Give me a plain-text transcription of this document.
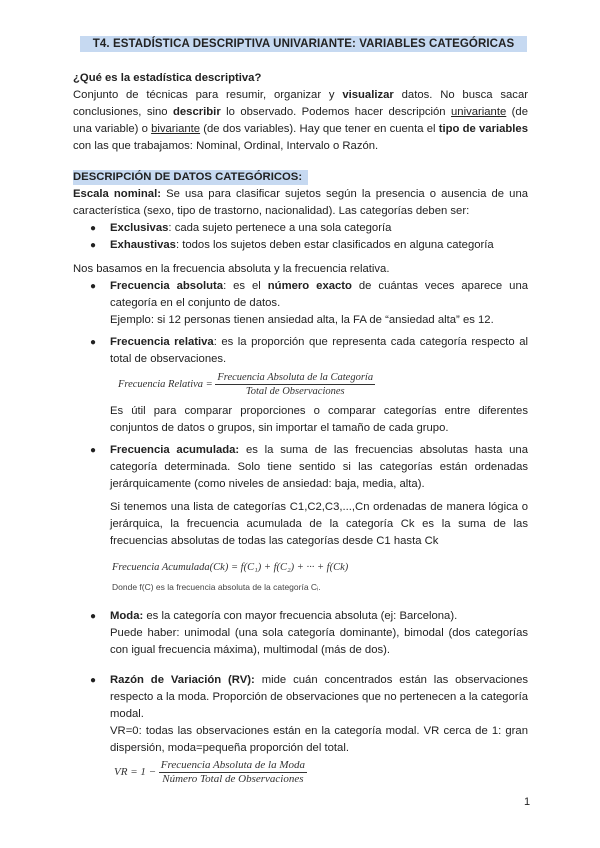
T4. ESTADÍSTICA DESCRIPTIVA UNIVARIANTE: VARIABLES CATEGÓRICAS
¿Qué es la estadística descriptiva?
Conjunto de técnicas para resumir, organizar y visualizar datos. No busca sacar conclusiones, sino describir lo observado. Podemos hacer descripción univariante (de una variable) o bivariante (de dos variables). Hay que tener en cuenta el tipo de variables con las que trabajamos: Nominal, Ordinal, Intervalo o Razón.
DESCRIPCIÓN DE DATOS CATEGÓRICOS:
Escala nominal: Se usa para clasificar sujetos según la presencia o ausencia de una característica (sexo, tipo de trastorno, nacionalidad). Las categorías deben ser:
● Exclusivas: cada sujeto pertenece a una sola categoría
● Exhaustivas: todos los sujetos deben estar clasificados en alguna categoría
Nos basamos en la frecuencia absoluta y la frecuencia relativa.
● Frecuencia absoluta: es el número exacto de cuántas veces aparece una categoría en el conjunto de datos.
Ejemplo: si 12 personas tienen ansiedad alta, la FA de “ansiedad alta” es 12.
● Frecuencia relativa: es la proporción que representa cada categoría respecto al total de observaciones.
Frecuencia Relativa = $\frac{\text{Frecuencia Absoluta de la Categoría}}{\text{Total de Observaciones}}$
Es útil para comparar proporciones o comparar categorías entre diferentes conjuntos de datos o grupos, sin importar el tamaño de cada grupo.
● Frecuencia acumulada: es la suma de las frecuencias absolutas hasta una categoría determinada. Solo tiene sentido si las categorías están ordenadas jerárquicamente (como niveles de ansiedad: baja, media, alta).
Si tenemos una lista de categorías C1,C2,C3,...,Cn ordenadas de manera lógica o jerárquica, la frecuencia acumulada de la categoría Ck es la suma de las frecuencias absolutas de todas las categorías desde C1 hasta Ck
Frecuencia Acumulada(Ck) = f(C₁) + f(C₂) + ··· + f(Ck)
Donde f(C) es la frecuencia absoluta de la categoría Cᵢ.
● Moda: es la categoría con mayor frecuencia absoluta (ej: Barcelona).
Puede haber: unimodal (una sola categoría dominante), bimodal (dos categorías con igual frecuencia máxima), multimodal (más de dos).
● Razón de Variación (RV): mide cuán concentrados están las observaciones respecto a la moda. Proporción de observaciones que no pertenecen a la categoría modal.
VR=0: todas las observaciones están en la categoría modal. VR cerca de 1: gran dispersión, moda=pequeña proporción del total.
VR = $1 - \frac{\text{Frecuencia Absoluta de la Moda}}{\text{Número Total de Observaciones}}$
1
